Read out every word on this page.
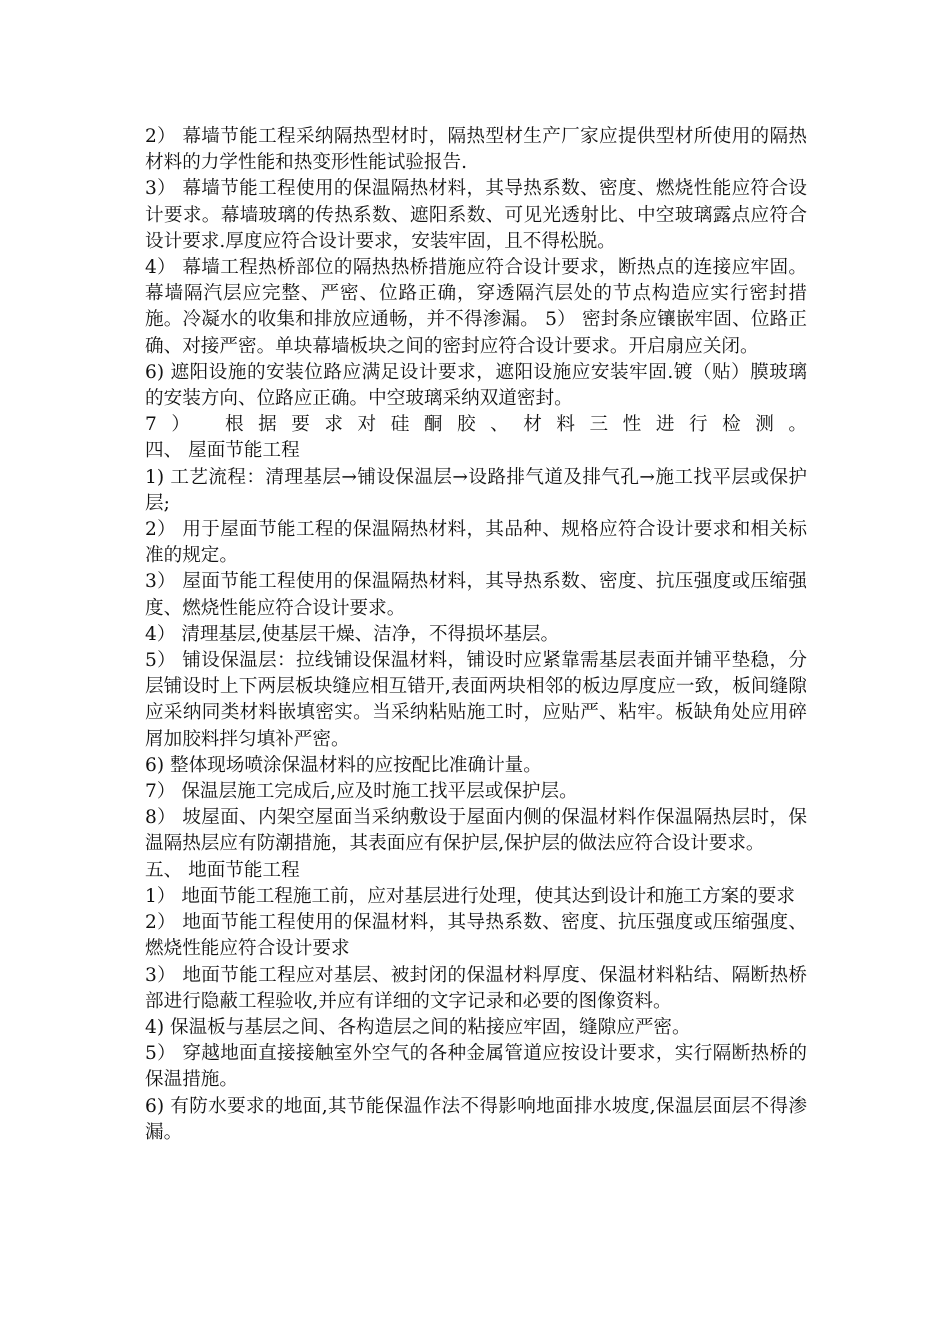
2） 幕墙节能工程采纳隔热型材时，隔热型材生产厂家应提供型材所使用的隔热材料的力学性能和热变形性能试验报告.

3） 幕墙节能工程使用的保温隔热材料，其导热系数、密度、燃烧性能应符合设计要求。幕墙玻璃的传热系数、遮阳系数、可见光透射比、中空玻璃露点应符合设计要求.厚度应符合设计要求，安装牢固，且不得松脱。

4） 幕墙工程热桥部位的隔热热桥措施应符合设计要求，断热点的连接应牢固。幕墙隔汽层应完整、严密、位路正确，穿透隔汽层处的节点构造应实行密封措施。冷凝水的收集和排放应通畅，并不得渗漏。 5） 密封条应镶嵌牢固、位路正确、对接严密。单块幕墙板块之间的密封应符合设计要求。开启扇应关闭。

6) 遮阳设施的安装位路应满足设计要求，遮阳设施应安装牢固.镀（贴）膜玻璃的安装方向、位路应正确。中空玻璃采纳双道密封。

7） 根据要求对硅酮胶、材料三性进行检测。

四、 屋面节能工程

1) 工艺流程：清理基层→铺设保温层→设路排气道及排气孔→施工找平层或保护层;

2） 用于屋面节能工程的保温隔热材料，其品种、规格应符合设计要求和相关标准的规定。

3） 屋面节能工程使用的保温隔热材料，其导热系数、密度、抗压强度或压缩强度、燃烧性能应符合设计要求。

4） 清理基层,使基层干燥、洁净，不得损坏基层。

5） 铺设保温层：拉线铺设保温材料，铺设时应紧靠需基层表面并铺平垫稳，分层铺设时上下两层板块缝应相互错开,表面两块相邻的板边厚度应一致，板间缝隙应采纳同类材料嵌填密实。当采纳粘贴施工时，应贴严、粘牢。板缺角处应用碎屑加胶料拌匀填补严密。

6) 整体现场喷涂保温材料的应按配比准确计量。

7） 保温层施工完成后,应及时施工找平层或保护层。

8） 坡屋面、内架空屋面当采纳敷设于屋面内侧的保温材料作保温隔热层时，保温隔热层应有防潮措施，其表面应有保护层,保护层的做法应符合设计要求。

五、 地面节能工程

1） 地面节能工程施工前，应对基层进行处理，使其达到设计和施工方案的要求

2） 地面节能工程使用的保温材料，其导热系数、密度、抗压强度或压缩强度、燃烧性能应符合设计要求

3） 地面节能工程应对基层、被封闭的保温材料厚度、保温材料粘结、隔断热桥部进行隐蔽工程验收,并应有详细的文字记录和必要的图像资料。

4) 保温板与基层之间、各构造层之间的粘接应牢固，缝隙应严密。

5） 穿越地面直接接触室外空气的各种金属管道应按设计要求，实行隔断热桥的保温措施。

6) 有防水要求的地面,其节能保温作法不得影响地面排水坡度,保温层面层不得渗漏。
